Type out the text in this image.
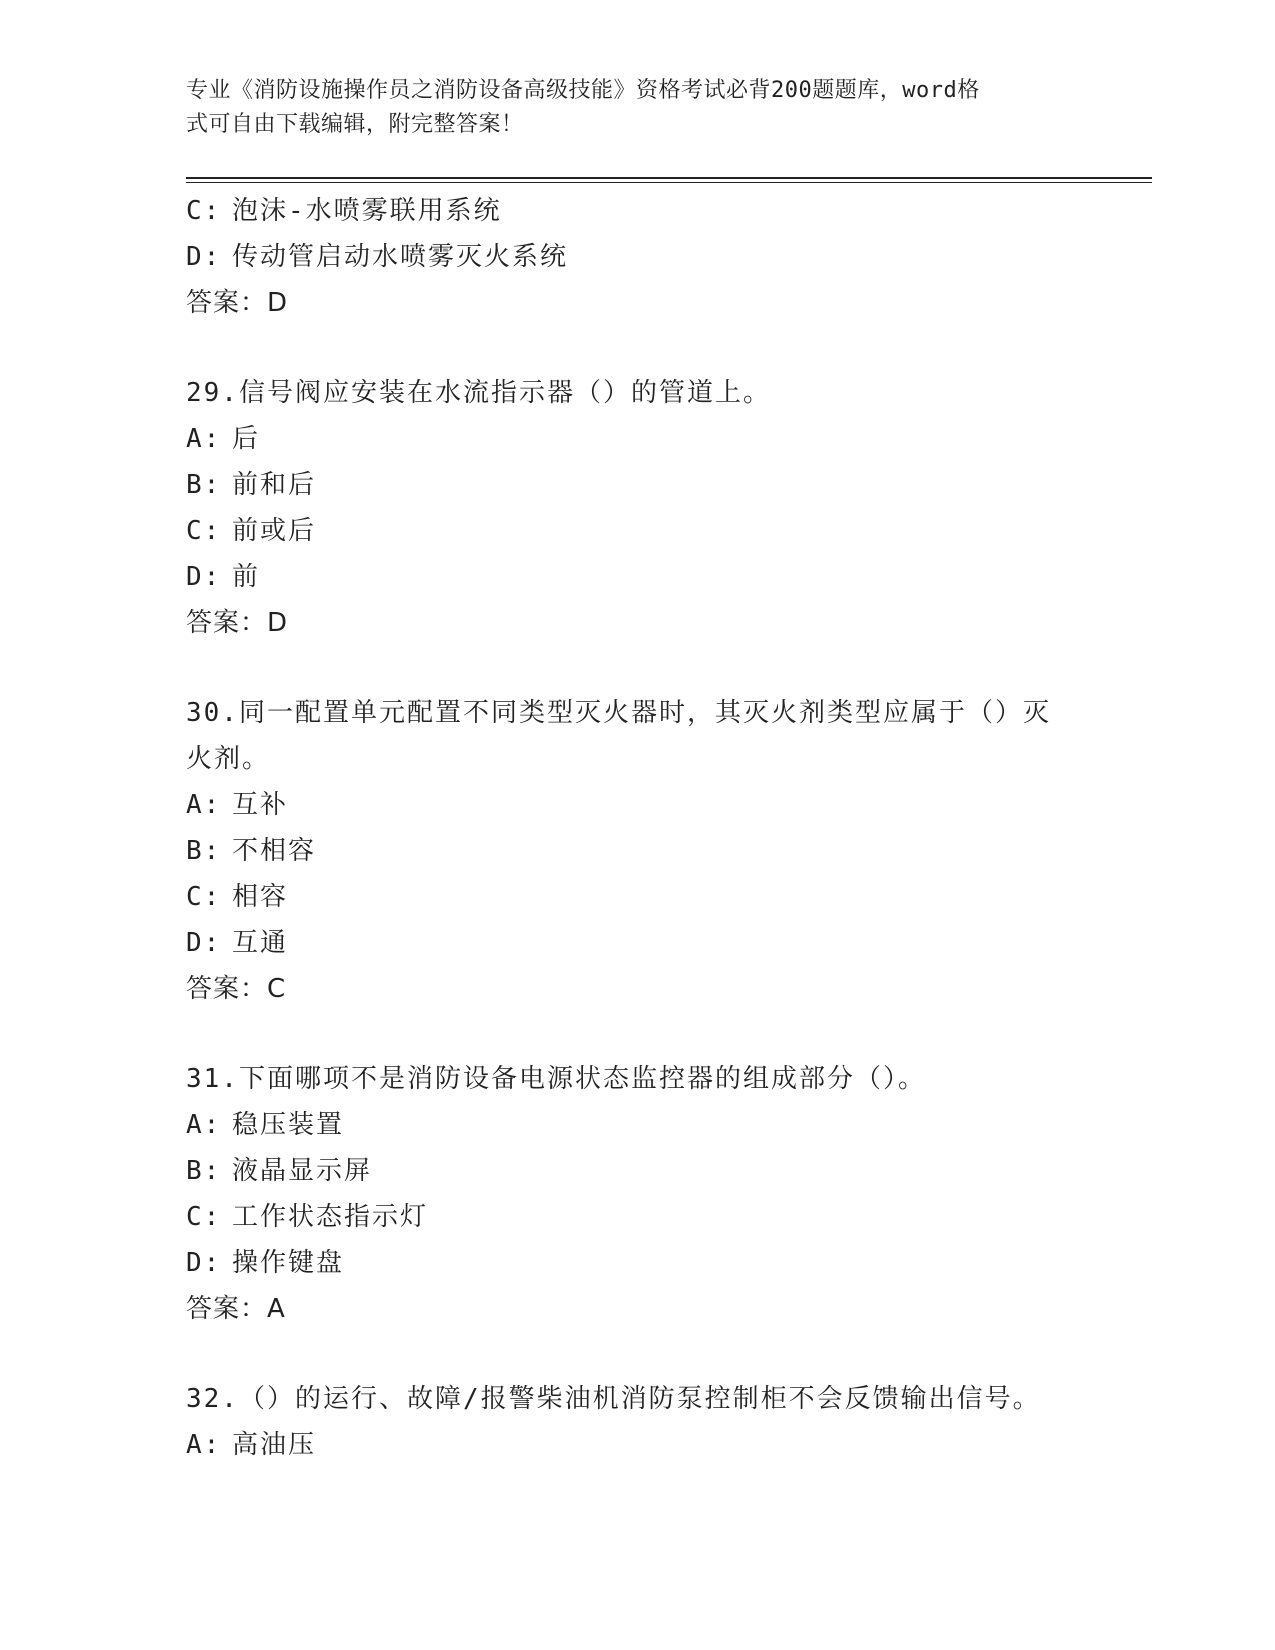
专业《消防设施操作员之消防设备高级技能》资格考试必背200题题库，word格
式可自由下载编辑，附完整答案！
C: 泡沫-水喷雾联用系统
D: 传动管启动水喷雾灭火系统
答案：D
29.信号阀应安装在水流指示器（）的管道上。
A: 后
B: 前和后
C: 前或后
D: 前
答案：D
30.同一配置单元配置不同类型灭火器时，其灭火剂类型应属于（）灭
火剂。
A: 互补
B: 不相容
C: 相容
D: 互通
答案：C
31.下面哪项不是消防设备电源状态监控器的组成部分（）。
A: 稳压装置
B: 液晶显示屏
C: 工作状态指示灯
D: 操作键盘
答案：A
32.（）的运行、故障/报警柴油机消防泵控制柜不会反馈输出信号。
A: 高油压
